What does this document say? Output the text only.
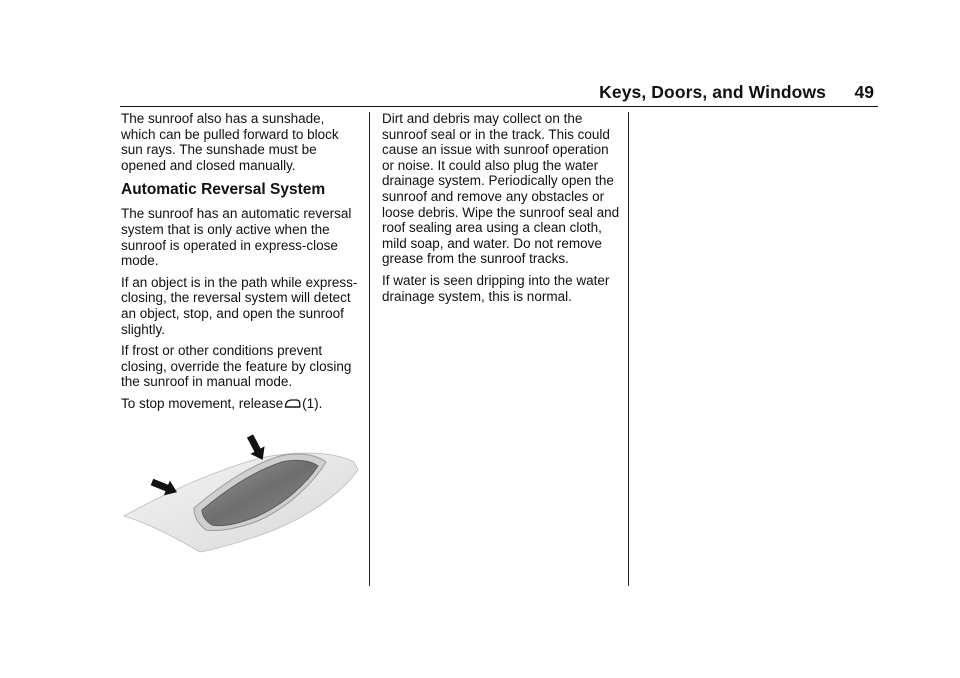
Keys, Doors, and Windows 49

The sunroof also has a sunshade, which can be pulled forward to block sun rays. The sunshade must be opened and closed manually.

Automatic Reversal System

The sunroof has an automatic reversal system that is only active when the sunroof is operated in express-close mode.

If an object is in the path while express-closing, the reversal system will detect an object, stop, and open the sunroof slightly.

If frost or other conditions prevent closing, override the feature by closing the sunroof in manual mode.

To stop movement, release (1).

Dirt and debris may collect on the sunroof seal or in the track. This could cause an issue with sunroof operation or noise. It could also plug the water drainage system. Periodically open the sunroof and remove any obstacles or loose debris. Wipe the sunroof seal and roof sealing area using a clean cloth, mild soap, and water. Do not remove grease from the sunroof tracks.

If water is seen dripping into the water drainage system, this is normal.
